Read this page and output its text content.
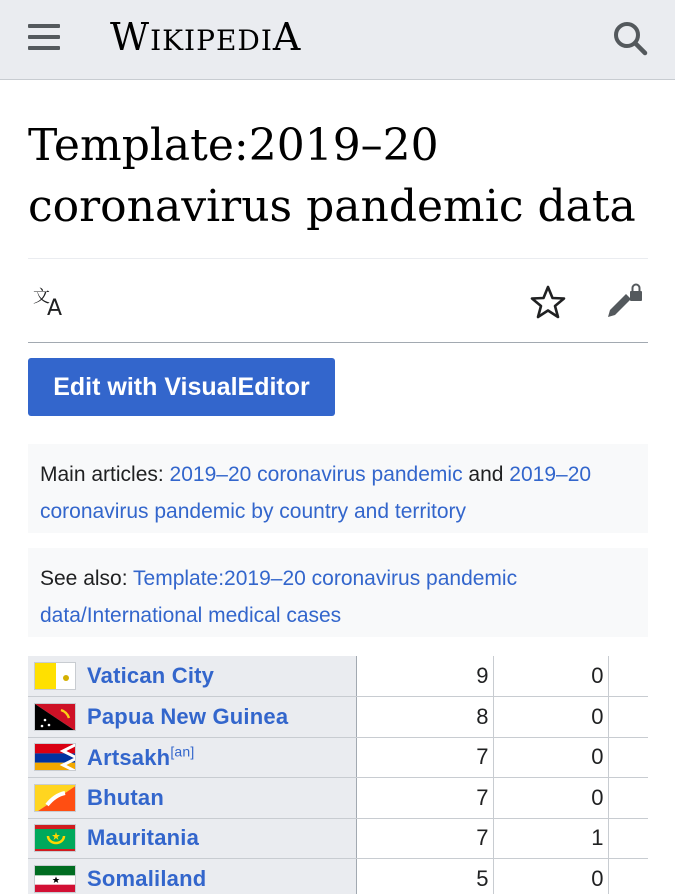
WIKIPEDIA
Template:2019–20 coronavirus pandemic data
文
A
Edit with VisualEditor
Main articles: 2019–20 coronavirus pandemic and 2019–20 coronavirus pandemic by country and territory
See also: Template:2019–20 coronavirus pandemic data/International medical cases
Vatican City	9	0	
Papua New Guinea	8	0	
Artsakh[an]	7	0	
Bhutan	7	0	
Mauritania	7	1	
Somaliland	5	0	
